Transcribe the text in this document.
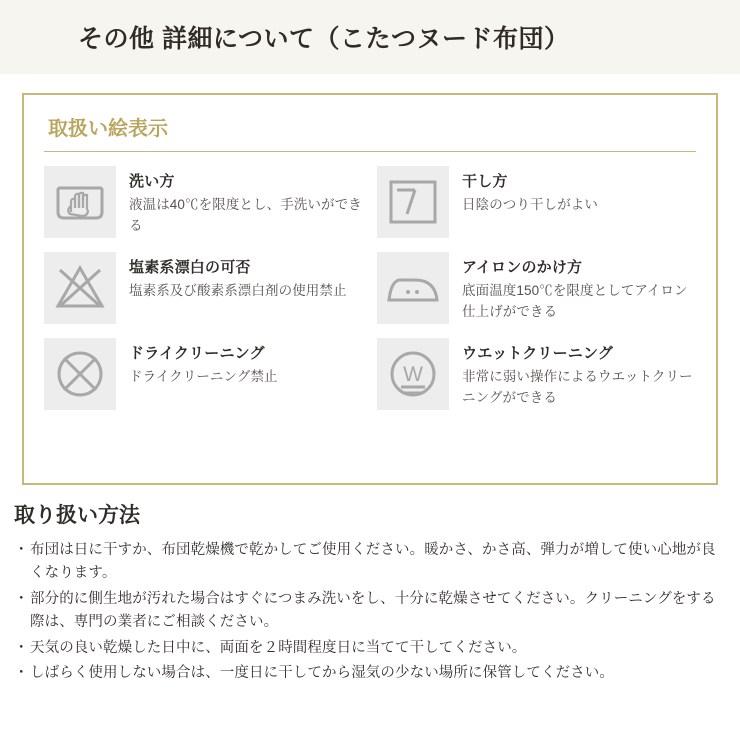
その他 詳細について（こたつヌード布団）
取扱い絵表示
洗い方
液温は40℃を限度とし、手洗いができる
干し方
日陰のつり干しがよい
塩素系漂白の可否
塩素系及び酸素系漂白剤の使用禁止
アイロンのかけ方
底面温度150℃を限度としてアイロン仕上げができる
ドライクリーニング
ドライクリーニング禁止	W
ウエットクリーニング
非常に弱い操作によるウエットクリーニングができる
取り扱い方法
・ 布団は日に干すか、布団乾燥機で乾かしてご使用ください。暖かさ、かさ高、弾力が増して使い心地が良くなります。
・ 部分的に側生地が汚れた場合はすぐにつまみ洗いをし、十分に乾燥させてください。クリーニングをする際は、専門の業者にご相談ください。
・ 天気の良い乾燥した日中に、両面を２時間程度日に当てて干してください。
・ しばらく使用しない場合は、一度日に干してから湿気の少ない場所に保管してください。
